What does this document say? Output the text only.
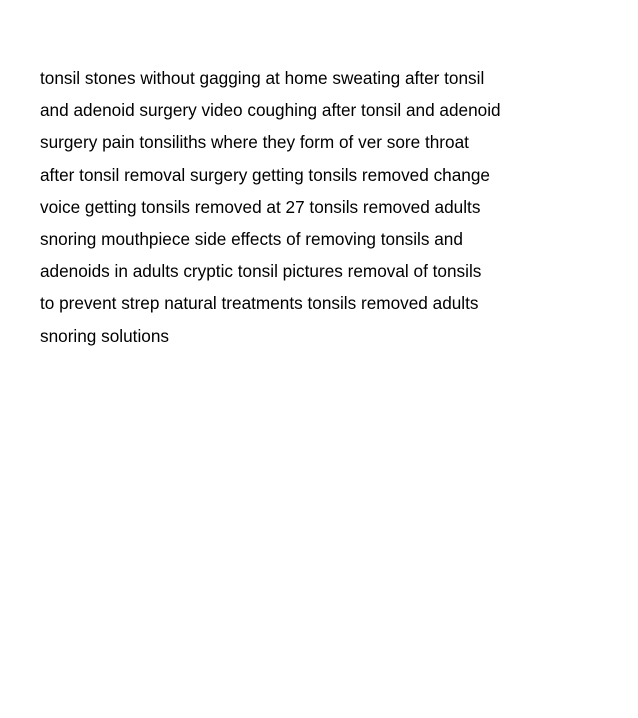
tonsil stones without gagging at home sweating after tonsil
and adenoid surgery video coughing after tonsil and adenoid
surgery pain tonsiliths where they form of ver sore throat
after tonsil removal surgery getting tonsils removed change
voice getting tonsils removed at 27 tonsils removed adults
snoring mouthpiece side effects of removing tonsils and
adenoids in adults cryptic tonsil pictures removal of tonsils
to prevent strep natural treatments tonsils removed adults
snoring solutions
